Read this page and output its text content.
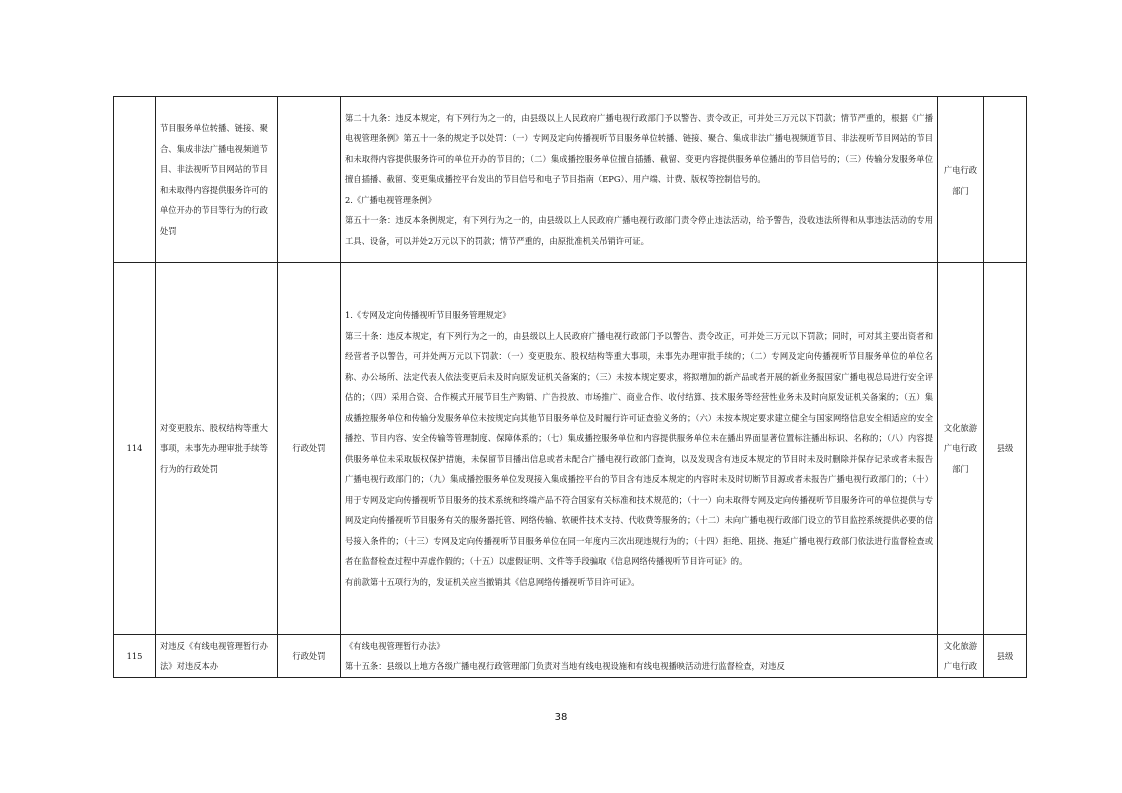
	节目服务单位转播、链接、聚合、集成非法广播电视频道节目、非法视听节目网站的节目和未取得内容提供服务许可的单位开办的节目等行为的行政处罚		第二十九条：违反本规定，有下列行为之一的，由县级以上人民政府广播电视行政部门予以警告、责令改正，可并处三万元以下罚款；情节严重的，根据《广播电视管理条例》第五十一条的规定予以处罚：（一）专网及定向传播视听节目服务单位转播、链接、聚合、集成非法广播电视频道节目、非法视听节目网站的节目和未取得内容提供服务许可的单位开办的节目的；（二）集成播控服务单位擅自插播、截留、变更内容提供服务单位播出的节目信号的；（三）传输分发服务单位擅自插播、截留、变更集成播控平台发出的节目信号和电子节目指南（EPG）、用户端、计费、版权等控制信号的。
2.《广播电视管理条例》
第五十一条：违反本条例规定，有下列行为之一的，由县级以上人民政府广播电视行政部门责令停止违法活动，给予警告，没收违法所得和从事违法活动的专用工具、设备，可以并处2万元以下的罚款；情节严重的，由原批准机关吊销许可证。	广电行政部门	
114	对变更股东、股权结构等重大事项，未事先办理审批手续等行为的行政处罚	行政处罚	1.《专网及定向传播视听节目服务管理规定》
第三十条：违反本规定，有下列行为之一的，由县级以上人民政府广播电视行政部门予以警告、责令改正，可并处三万元以下罚款；同时，可对其主要出资者和经营者予以警告，可并处两万元以下罚款：（一）变更股东、股权结构等重大事项，未事先办理审批手续的；（二）专网及定向传播视听节目服务单位的单位名称、办公场所、法定代表人依法变更后未及时向原发证机关备案的；（三）未按本规定要求，将拟增加的新产品或者开展的新业务报国家广播电视总局进行安全评估的；（四）采用合资、合作模式开展节目生产购销、广告投放、市场推广、商业合作、收付结算、技术服务等经营性业务未及时向原发证机关备案的；（五）集成播控服务单位和传输分发服务单位未按规定向其他节目服务单位及时履行许可证查验义务的；（六）未按本规定要求建立健全与国家网络信息安全相适应的安全播控、节目内容、安全传输等管理制度、保障体系的；（七）集成播控服务单位和内容提供服务单位未在播出界面显著位置标注播出标识、名称的；（八）内容提供服务单位未采取版权保护措施，未保留节目播出信息或者未配合广播电视行政部门查询，以及发现含有违反本规定的节目时未及时删除并保存记录或者未报告广播电视行政部门的；（九）集成播控服务单位发现接入集成播控平台的节目含有违反本规定的内容时未及时切断节目源或者未报告广播电视行政部门的；（十）用于专网及定向传播视听节目服务的技术系统和终端产品不符合国家有关标准和技术规范的；（十一）向未取得专网及定向传播视听节目服务许可的单位提供与专网及定向传播视听节目服务有关的服务器托管、网络传输、软硬件技术支持、代收费等服务的；（十二）未向广播电视行政部门设立的节目监控系统提供必要的信号接入条件的；（十三）专网及定向传播视听节目服务单位在同一年度内三次出现违规行为的；（十四）拒绝、阻挠、拖延广播电视行政部门依法进行监督检查或者在监督检查过程中弄虚作假的；（十五）以虚假证明、文件等手段骗取《信息网络传播视听节目许可证》的。
有前款第十五项行为的，发证机关应当撤销其《信息网络传播视听节目许可证》。	文化旅游广电行政部门	县级
115	对违反《有线电视管理暂行办法》对违反本办	行政处罚	《有线电视管理暂行办法》
第十五条：县级以上地方各级广播电视行政管理部门负责对当地有线电视设施和有线电视播映活动进行监督检查，对违反	文化旅游广电行政	县级
38
